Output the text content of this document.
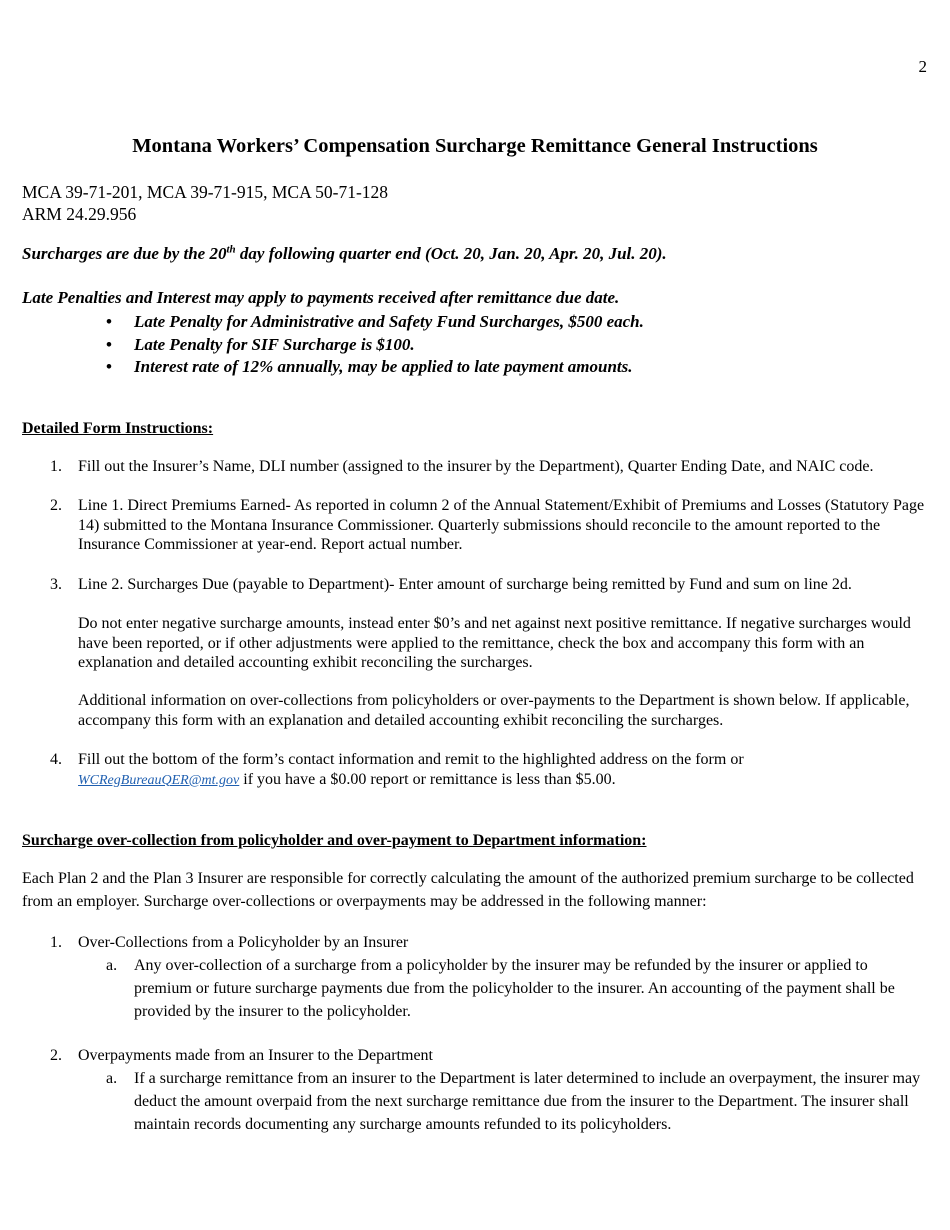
2
Montana Workers’ Compensation Surcharge Remittance General Instructions
MCA 39-71-201, MCA 39-71-915, MCA 50-71-128
ARM 24.29.956
Surcharges are due by the 20th day following quarter end (Oct. 20, Jan. 20, Apr. 20, Jul. 20).
Late Penalties and Interest may apply to payments received after remittance due date.
• Late Penalty for Administrative and Safety Fund Surcharges, $500 each.
• Late Penalty for SIF Surcharge is $100.
• Interest rate of 12% annually, may be applied to late payment amounts.
Detailed Form Instructions:
1. Fill out the Insurer’s Name, DLI number (assigned to the insurer by the Department), Quarter Ending Date, and NAIC code.
2. Line 1. Direct Premiums Earned- As reported in column 2 of the Annual Statement/Exhibit of Premiums and Losses (Statutory Page 14) submitted to the Montana Insurance Commissioner. Quarterly submissions should reconcile to the amount reported to the Insurance Commissioner at year-end. Report actual number.
3. Line 2. Surcharges Due (payable to Department)- Enter amount of surcharge being remitted by Fund and sum on line 2d.
Do not enter negative surcharge amounts, instead enter $0’s and net against next positive remittance. If negative surcharges would have been reported, or if other adjustments were applied to the remittance, check the box and accompany this form with an explanation and detailed accounting exhibit reconciling the surcharges.
Additional information on over-collections from policyholders or over-payments to the Department is shown below. If applicable, accompany this form with an explanation and detailed accounting exhibit reconciling the surcharges.
4. Fill out the bottom of the form’s contact information and remit to the highlighted address on the form or
WCRegBureauQER@mt.gov if you have a $0.00 report or remittance is less than $5.00.
Surcharge over-collection from policyholder and over-payment to Department information:
Each Plan 2 and the Plan 3 Insurer are responsible for correctly calculating the amount of the authorized premium surcharge to be collected from an employer. Surcharge over-collections or overpayments may be addressed in the following manner:
1. Over-Collections from a Policyholder by an Insurer
a. Any over-collection of a surcharge from a policyholder by the insurer may be refunded by the insurer or applied to premium or future surcharge payments due from the policyholder to the insurer. An accounting of the payment shall be provided by the insurer to the policyholder.
2. Overpayments made from an Insurer to the Department
a. If a surcharge remittance from an insurer to the Department is later determined to include an overpayment, the insurer may deduct the amount overpaid from the next surcharge remittance due from the insurer to the Department. The insurer shall maintain records documenting any surcharge amounts refunded to its policyholders.
